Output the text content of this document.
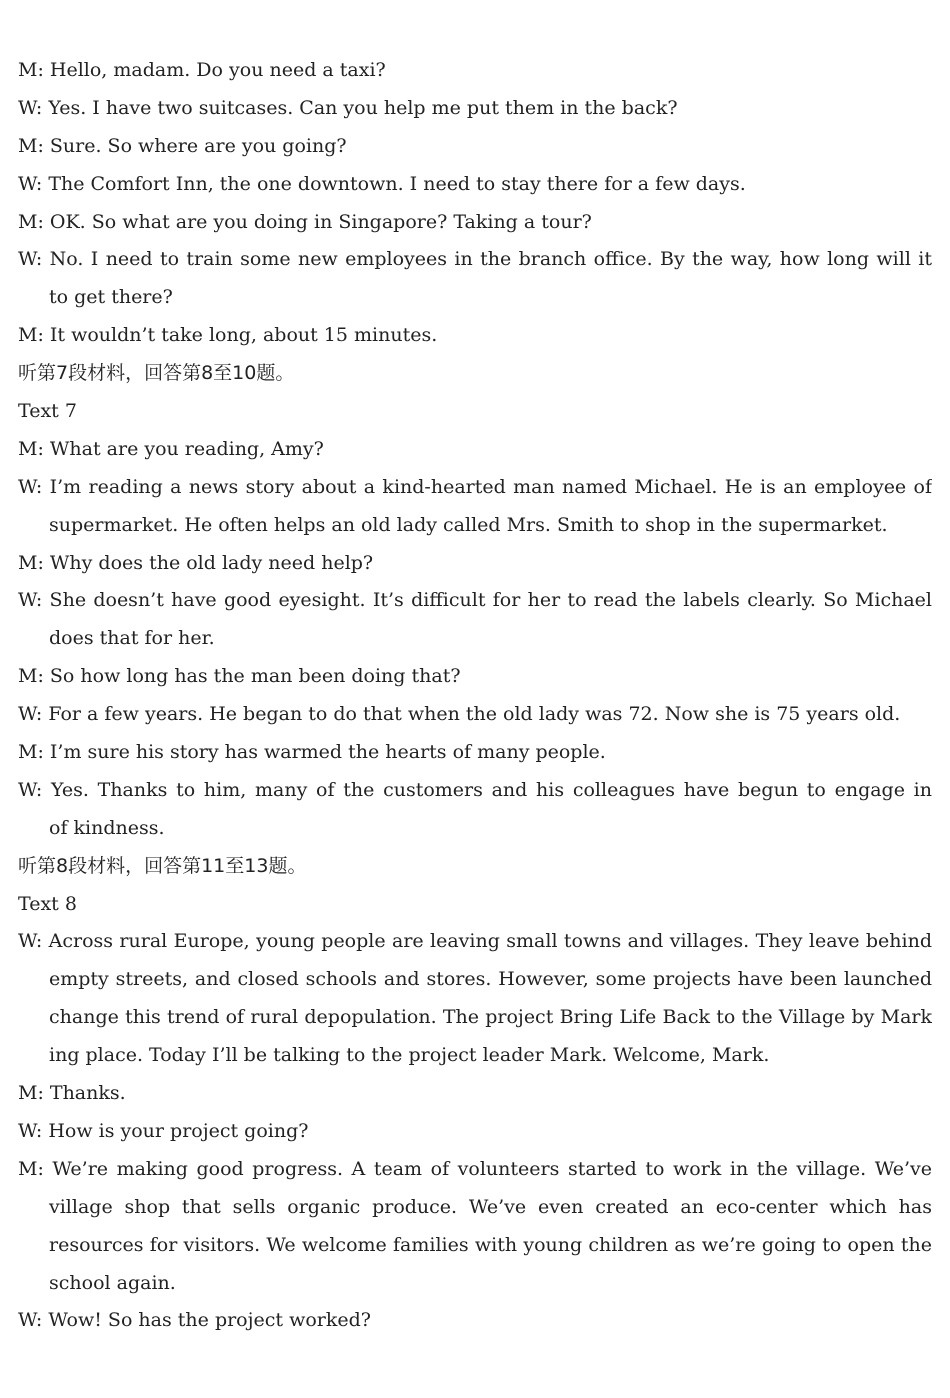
M: Hello, madam. Do you need a taxi?
W: Yes. I have two suitcases. Can you help me put them in the back?
M: Sure. So where are you going?
W: The Comfort Inn, the one downtown. I need to stay there for a few days.
M: OK. So what are you doing in Singapore? Taking a tour?
W: No. I need to train some new employees in the branch office. By the way, how long will it
to get there?
M: It wouldn’t take long, about 15 minutes.
听第7段材料，回答第8至10题。
Text 7
M: What are you reading, Amy?
W: I’m reading a news story about a kind-hearted man named Michael. He is an employee of
supermarket. He often helps an old lady called Mrs. Smith to shop in the supermarket.
M: Why does the old lady need help?
W: She doesn’t have good eyesight. It’s difficult for her to read the labels clearly. So Michael
does that for her.
M: So how long has the man been doing that?
W: For a few years. He began to do that when the old lady was 72. Now she is 75 years old.
M: I’m sure his story has warmed the hearts of many people.
W: Yes. Thanks to him, many of the customers and his colleagues have begun to engage in
of kindness.
听第8段材料，回答第11至13题。
Text 8
W: Across rural Europe, young people are leaving small towns and villages. They leave behind
empty streets, and closed schools and stores. However, some projects have been launched
change this trend of rural depopulation. The project Bring Life Back to the Village by Mark
ing place. Today I’ll be talking to the project leader Mark. Welcome, Mark.
M: Thanks.
W: How is your project going?
M: We’re making good progress. A team of volunteers started to work in the village. We’ve
village shop that sells organic produce. We’ve even created an eco-center which has
resources for visitors. We welcome families with young children as we’re going to open the
school again.
W: Wow! So has the project worked?
